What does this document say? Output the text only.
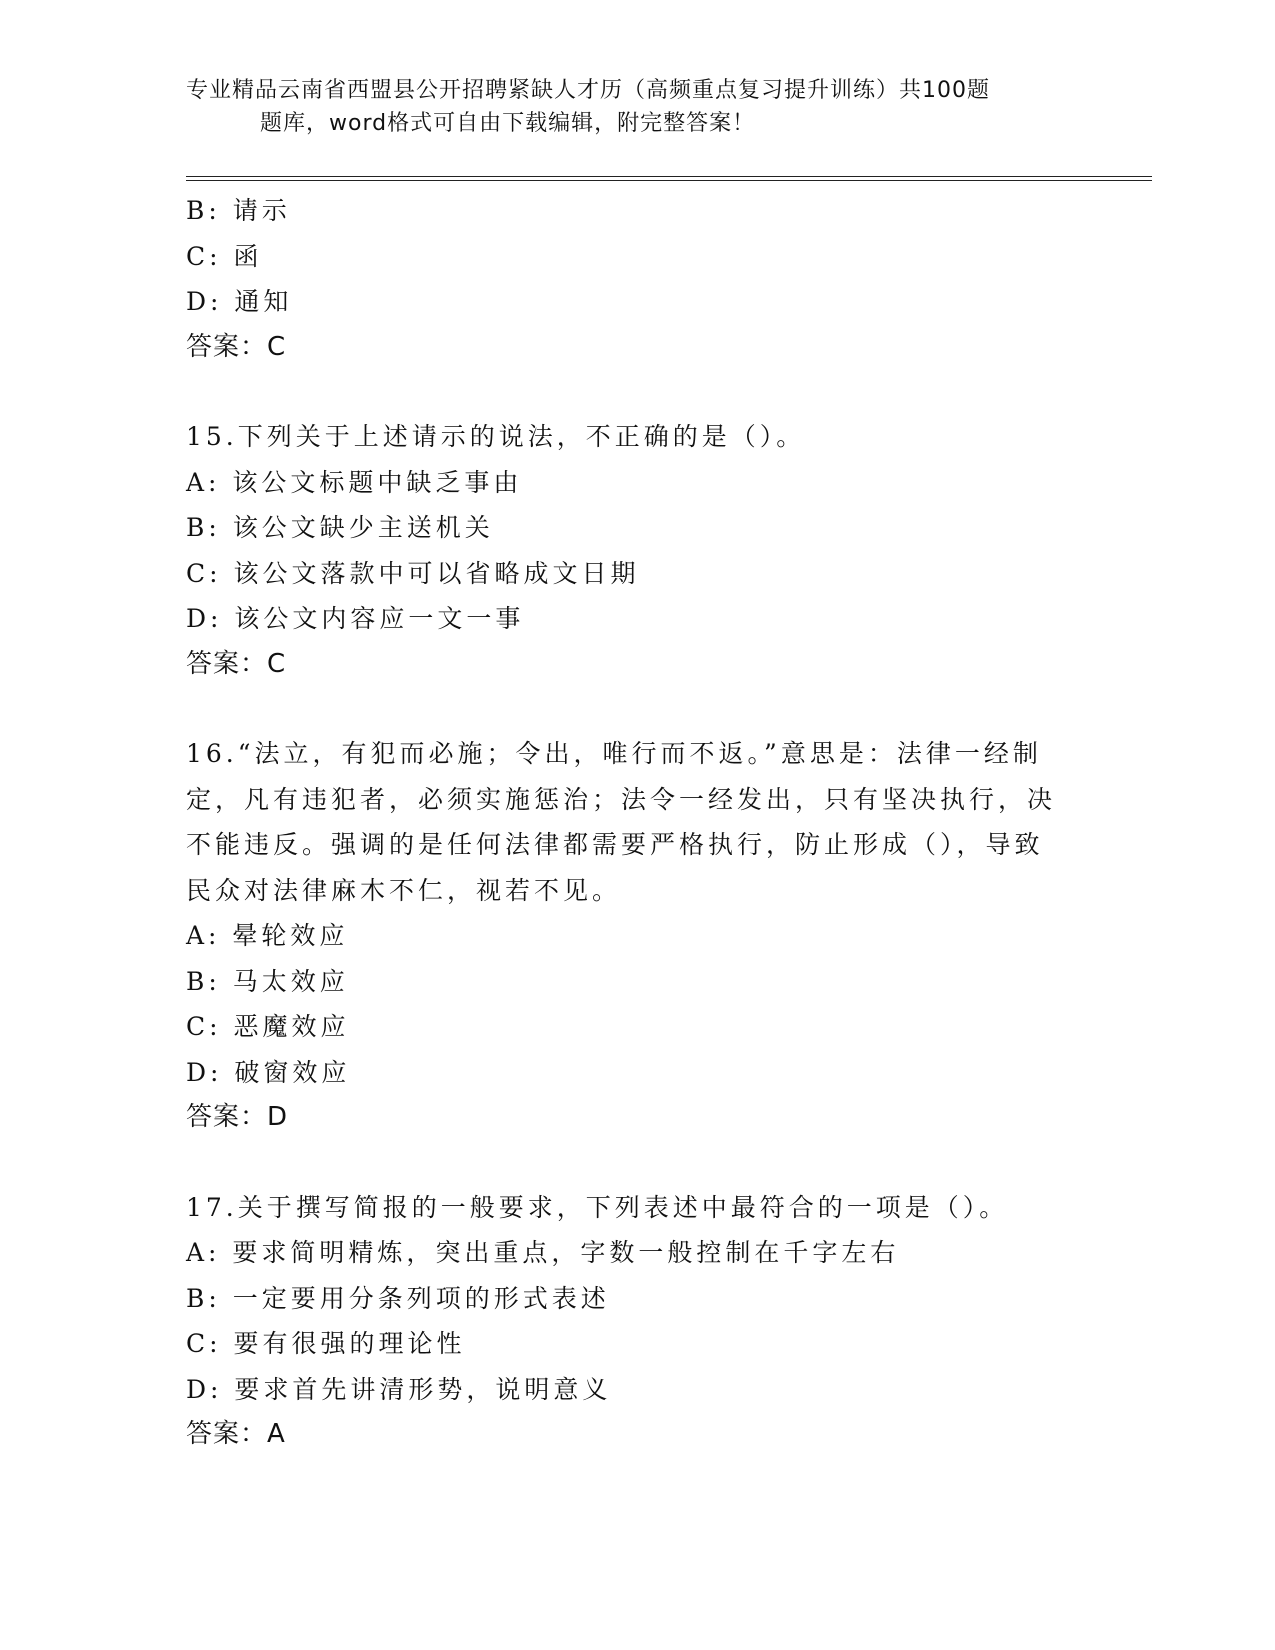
专业精品云南省西盟县公开招聘紧缺人才历（高频重点复习提升训练）共100题
题库，word格式可自由下载编辑，附完整答案！
B: 请示
C: 函
D: 通知
答案：C
15.下列关于上述请示的说法，不正确的是（）。
A: 该公文标题中缺乏事由
B: 该公文缺少主送机关
C: 该公文落款中可以省略成文日期
D: 该公文内容应一文一事
答案：C
16.“法立，有犯而必施；令出，唯行而不返。”意思是：法律一经制
定，凡有违犯者，必须实施惩治；法令一经发出，只有坚决执行，决
不能违反。强调的是任何法律都需要严格执行，防止形成（），导致
民众对法律麻木不仁，视若不见。
A: 晕轮效应
B: 马太效应
C: 恶魔效应
D: 破窗效应
答案：D
17.关于撰写简报的一般要求，下列表述中最符合的一项是（）。
A: 要求简明精炼，突出重点，字数一般控制在千字左右
B: 一定要用分条列项的形式表述
C: 要有很强的理论性
D: 要求首先讲清形势，说明意义
答案：A
